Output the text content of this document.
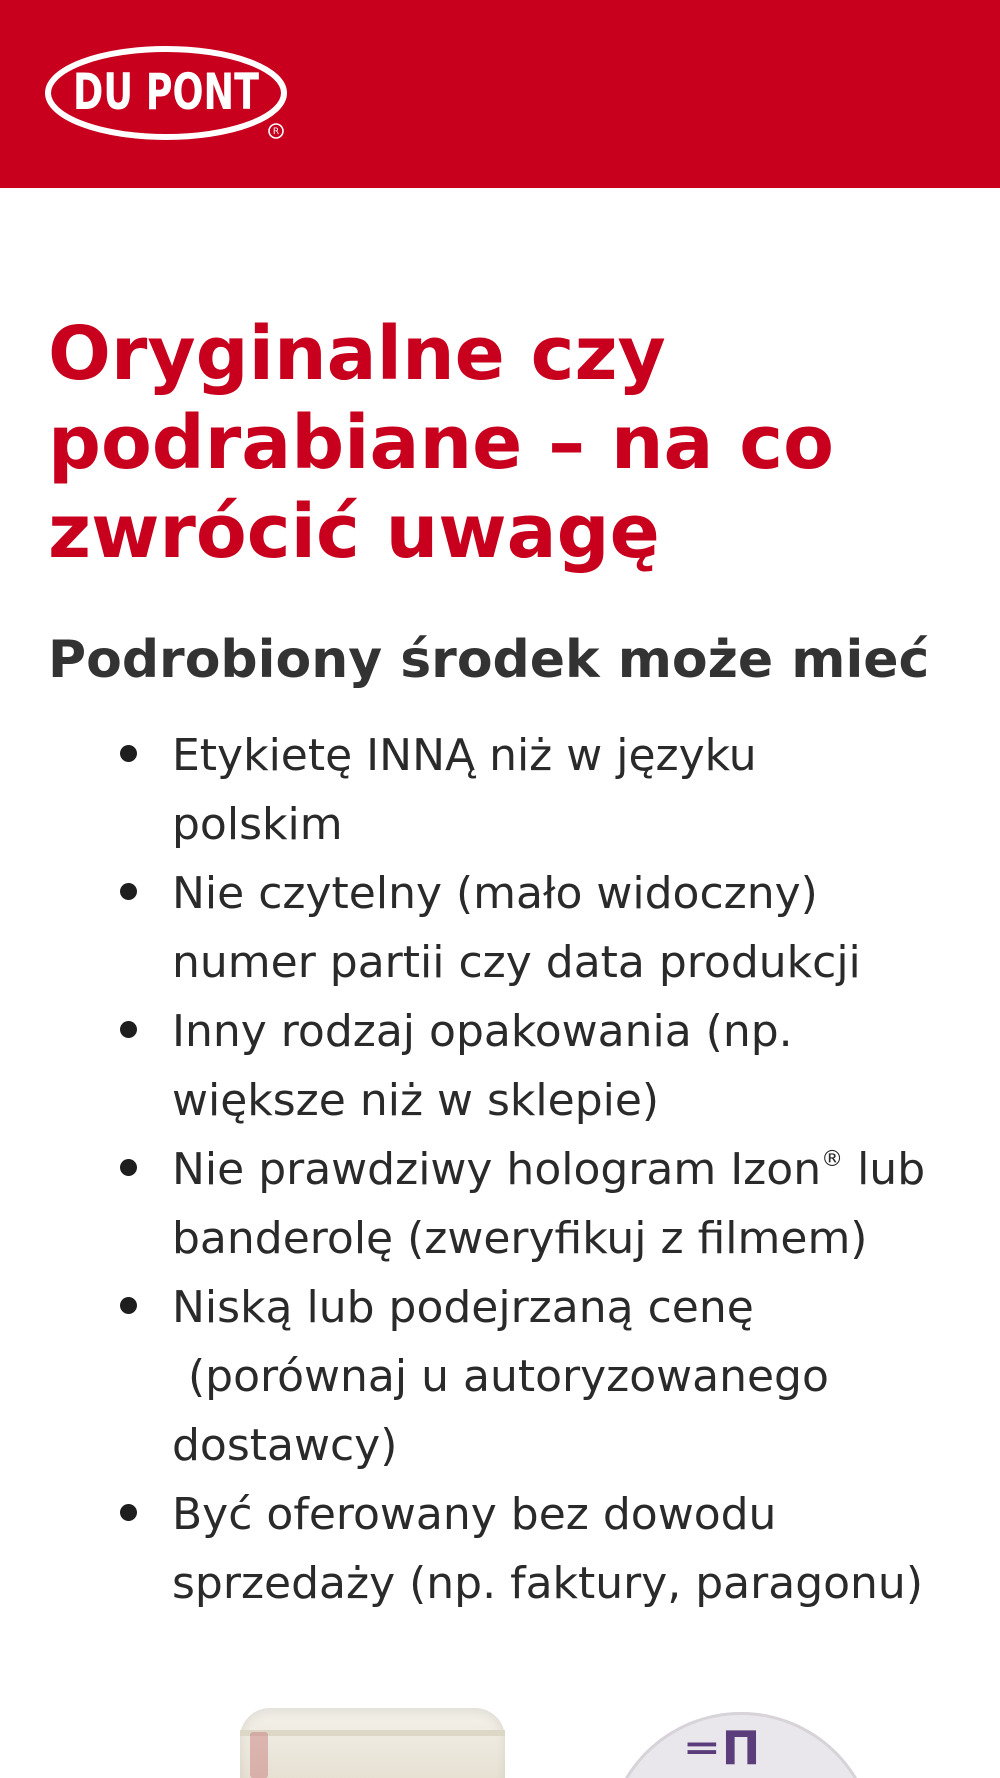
DU PONT
R
Oryginalne czy
podrabiane – na co
zwrócić uwagę
Podrobiony środek może mieć
Etykietę INNĄ niż w języku
polskim
Nie czytelny (mało widoczny)
numer partii czy data produkcji
Inny rodzaj opakowania (np.
większe niż w sklepie)
Nie prawdziwy hologram Izon® lub
banderolę (zweryfikuj z filmem)
Niską lub podejrzaną cenę
(porównaj u autoryzowanego
dostawcy)
Być oferowany bez dowodu
sprzedaży (np. faktury, paragonu)
═П
